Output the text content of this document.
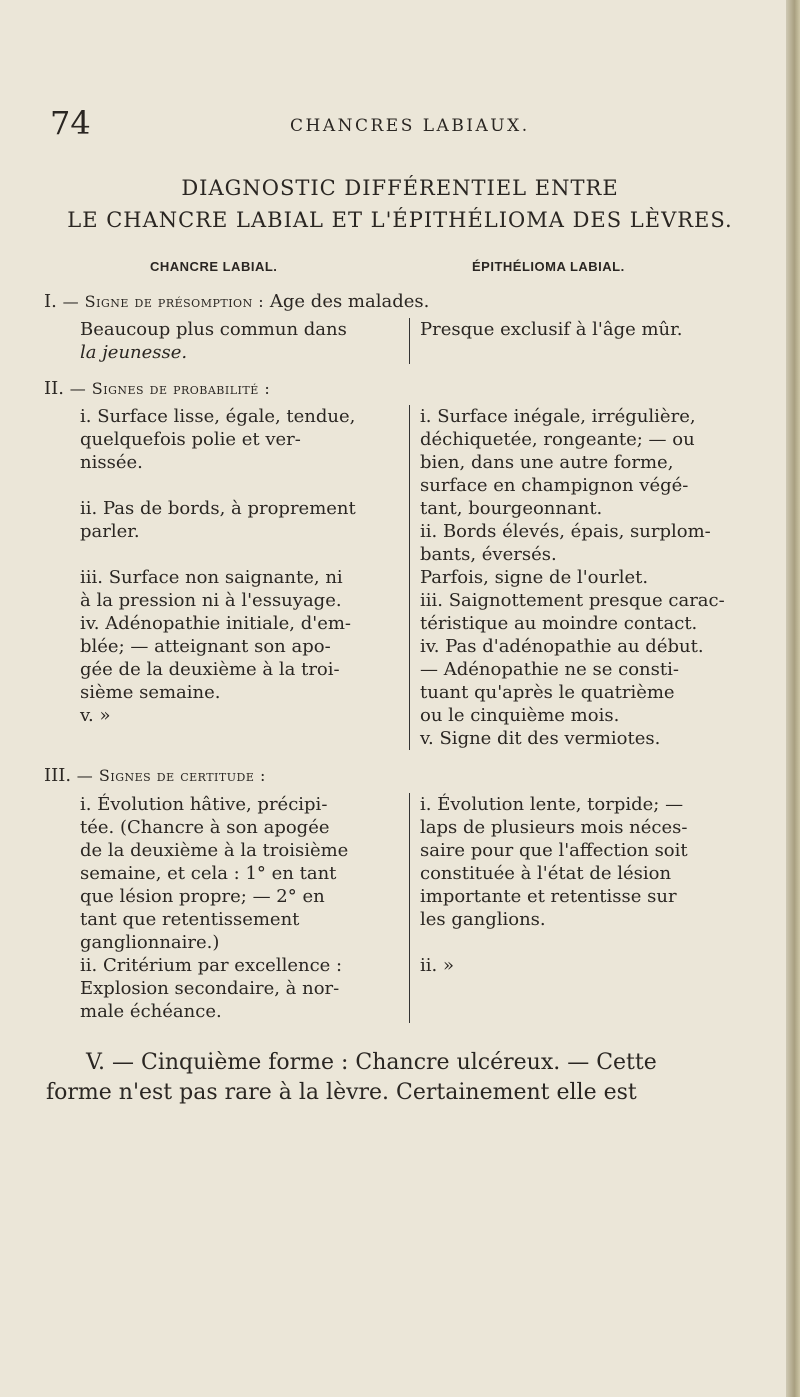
74	CHANCRES LABIAUX.
DIAGNOSTIC DIFFÉRENTIEL ENTRE
LE CHANCRE LABIAL ET L'ÉPITHÉLIOMA DES LÈVRES.
CHANCRE LABIAL.	ÉPITHÉLIOMA LABIAL.
I. — Signe de présomption : Age des malades.
Beaucoup plus commun dans
la jeunesse.
Presque exclusif à l'âge mûr.
II. — Signes de probabilité :
i. Surface lisse, égale, tendue,
quelquefois polie et ver-
nissée.
ii. Pas de bords, à proprement
parler.
iii. Surface non saignante, ni
à la pression ni à l'essuyage.
iv. Adénopathie initiale, d'em-
blée; — atteignant son apo-
gée de la deuxième à la troi-
sième semaine.
v. »
i. Surface inégale, irrégulière,
déchiquetée, rongeante; — ou
bien, dans une autre forme,
surface en champignon végé-
tant, bourgeonnant.
ii. Bords élevés, épais, surplom-
bants, éversés.
Parfois, signe de l'ourlet.
iii. Saignottement presque carac-
téristique au moindre contact.
iv. Pas d'adénopathie au début.
— Adénopathie ne se consti-
tuant qu'après le quatrième
ou le cinquième mois.
v. Signe dit des vermiotes.
III. — Signes de certitude :
i. Évolution hâtive, précipi-
tée. (Chancre à son apogée
de la deuxième à la troisième
semaine, et cela : 1° en tant
que lésion propre; — 2° en
tant que retentissement
ganglionnaire.)
ii. Critérium par excellence :
Explosion secondaire, à nor-
male échéance.
i. Évolution lente, torpide; —
laps de plusieurs mois néces-
saire pour que l'affection soit
constituée à l'état de lésion
importante et retentisse sur
les ganglions.
ii. »
V. — Cinquième forme : Chancre ulcéreux. — Cette
forme n'est pas rare à la lèvre. Certainement elle est
